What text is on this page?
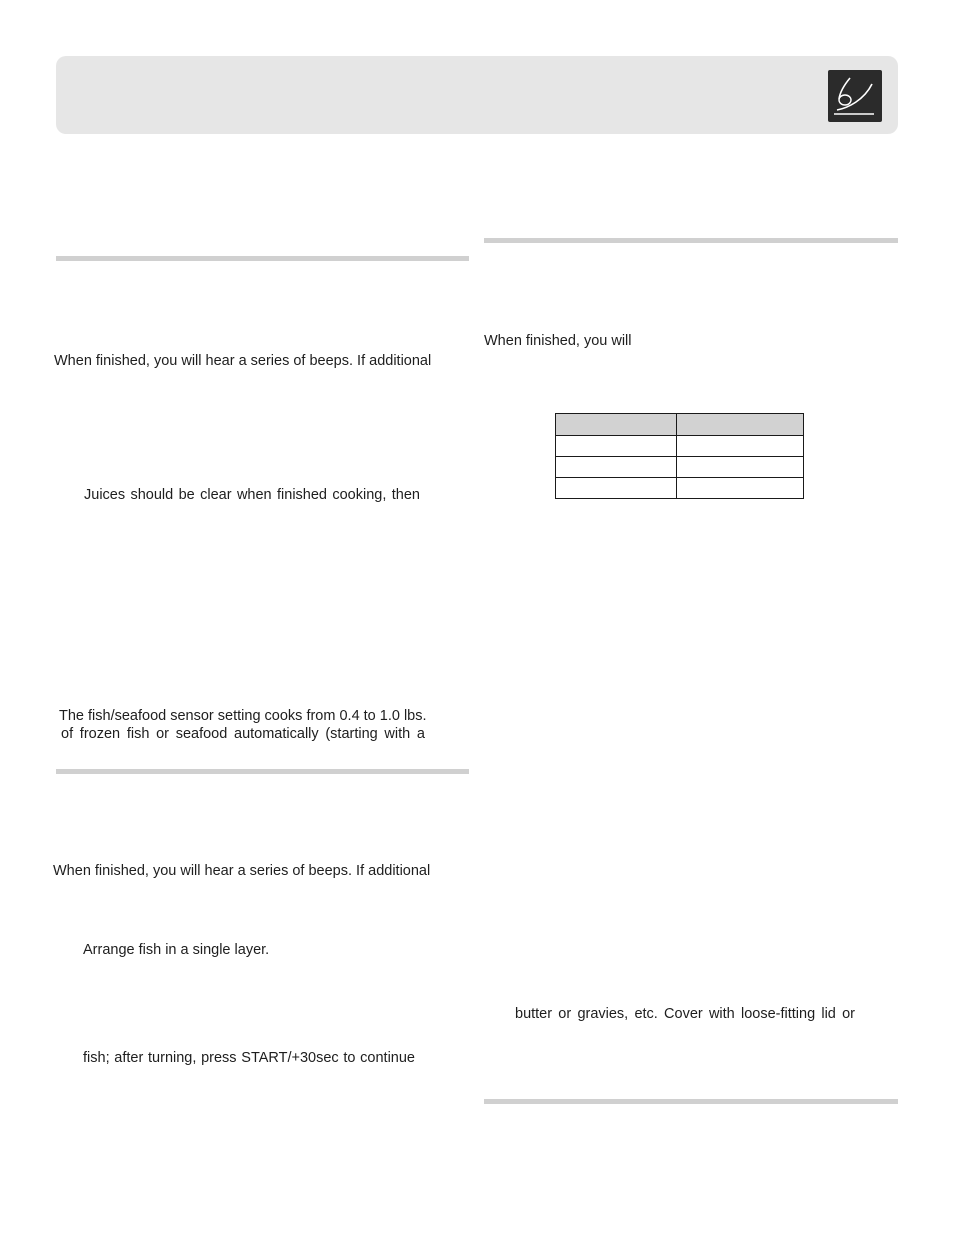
When finished, you will hear a series of beeps. If additional
Juices should be clear when finished cooking, then
The fish/seafood sensor setting cooks from 0.4 to 1.0 lbs.
of frozen fish or seafood automatically (starting with a
When finished, you will hear a series of beeps. If additional
Arrange fish in a single layer.
fish; after turning, press START/+30sec to continue
When finished, you will

butter or gravies, etc. Cover with loose-fitting lid or
